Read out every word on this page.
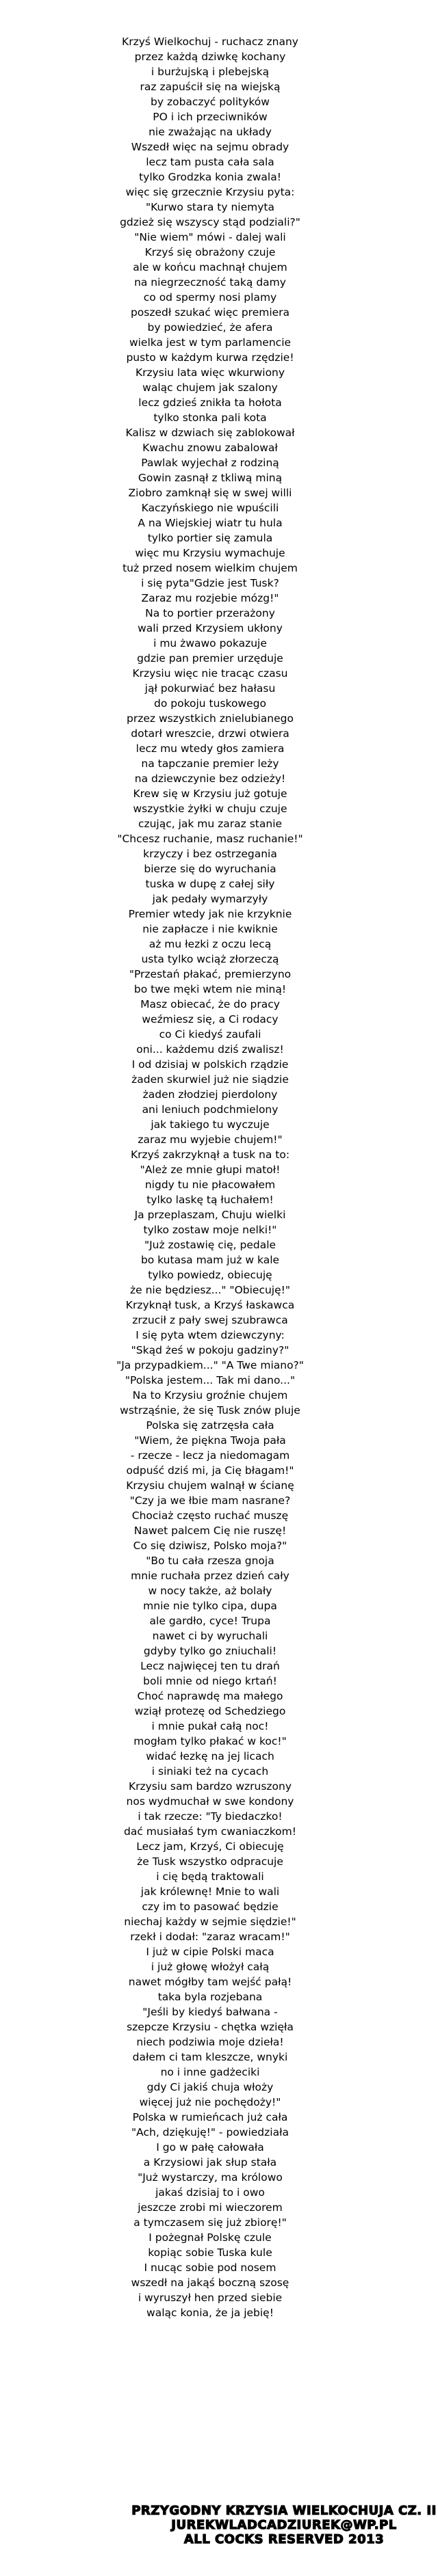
Krzyś Wielkochuj - ruchacz znany
przez każdą dziwkę kochany
i burżujską i plebejską
raz zapuścił się na wiejską
by zobaczyć polityków
PO i ich przeciwników
nie zważając na układy
Wszedł więc na sejmu obrady
lecz tam pusta cała sala
tylko Grodzka konia zwala!
więc się grzecznie Krzysiu pyta:
"Kurwo stara ty niemyta
gdzież się wszyscy stąd podziali?"
"Nie wiem" mówi - dalej wali
Krzyś się obrażony czuje
ale w końcu machnął chujem
na niegrzeczność taką damy
co od spermy nosi plamy
poszedł szukać więc premiera
by powiedzieć, że afera
wielka jest w tym parlamencie
pusto w każdym kurwa rzędzie!
Krzysiu lata więc wkurwiony
waląc chujem jak szalony
lecz gdzieś znikła ta hołota
tylko stonka pali kota
Kalisz w dzwiach się zablokował
Kwachu znowu zabalował
Pawlak wyjechał z rodziną
Gowin zasnął z tkliwą miną
Ziobro zamknął się w swej willi
Kaczyńskiego nie wpuścili
A na Wiejskiej wiatr tu hula
tylko portier się zamula
więc mu Krzysiu wymachuje
tuż przed nosem wielkim chujem
i się pyta"Gdzie jest Tusk?
Zaraz mu rozjebie mózg!"
Na to portier przerażony
wali przed Krzysiem ukłony
i mu żwawo pokazuje
gdzie pan premier urzęduje
Krzysiu więc nie tracąc czasu
jął pokurwiać bez hałasu
do pokoju tuskowego
przez wszystkich znielubianego
dotarł wreszcie, drzwi otwiera
lecz mu wtedy głos zamiera
na tapczanie premier leży
na dziewczynie bez odzieży!
Krew się w Krzysiu już gotuje
wszystkie żyłki w chuju czuje
czując, jak mu zaraz stanie
"Chcesz ruchanie, masz ruchanie!"
krzyczy i bez ostrzegania
bierze się do wyruchania
tuska w dupę z całej siły
jak pedały wymarzyły
Premier wtedy jak nie krzyknie
nie zapłacze i nie kwiknie
aż mu łezki z oczu lecą
usta tylko wciąż złorzeczą
"Przestań płakać, premierzyno
bo twe męki wtem nie miną!
Masz obiecać, że do pracy
weźmiesz się, a Ci rodacy
co Ci kiedyś zaufali
oni... każdemu dziś zwalisz!
I od dzisiaj w polskich rządzie
żaden skurwiel już nie siądzie
żaden złodziej pierdolony
ani leniuch podchmielony
jak takiego tu wyczuje
zaraz mu wyjebie chujem!"
Krzyś zakrzyknął a tusk na to:
"Ależ ze mnie głupi matoł!
nigdy tu nie płacowałem
tylko laskę tą łuchałem!
Ja przeplaszam, Chuju wielki
tylko zostaw moje nelki!"
"Już zostawię cię, pedale
bo kutasa mam już w kale
tylko powiedz, obiecuję
że nie będziesz..." "Obiecuję!"
Krzyknął tusk, a Krzyś łaskawca
zrzucił z pały swej szubrawca
I się pyta wtem dziewczyny:
"Skąd żeś w pokoju gadziny?"
"Ja przypadkiem..." "A Twe miano?"
"Polska jestem... Tak mi dano..."
Na to Krzysiu groźnie chujem
wstrząśnie, że się Tusk znów pluje
Polska się zatrzęsła cała
"Wiem, że piękna Twoja pała
- rzecze - lecz ja niedomagam
odpuść dziś mi, ja Cię błagam!"
Krzysiu chujem walnął w ścianę
"Czy ja we łbie mam nasrane?
Chociaż często ruchać muszę
Nawet palcem Cię nie ruszę!
Co się dziwisz, Polsko moja?"
"Bo tu cała rzesza gnoja
mnie ruchała przez dzień cały
w nocy także, aż bolały
mnie nie tylko cipa, dupa
ale gardło, cyce! Trupa
nawet ci by wyruchali
gdyby tylko go zniuchali!
Lecz najwięcej ten tu drań
boli mnie od niego krtań!
Choć naprawdę ma małego
wziął protezę od Schedziego
i mnie pukał całą noc!
mogłam tylko płakać w koc!"
widać łezkę na jej licach
i siniaki też na cycach
Krzysiu sam bardzo wzruszony
nos wydmuchał w swe kondony
i tak rzecze: "Ty biedaczko!
dać musiałaś tym cwaniaczkom!
Lecz jam, Krzyś, Ci obiecuję
że Tusk wszystko odpracuje
i cię będą traktowali
jak królewnę! Mnie to wali
czy im to pasować będzie
niechaj każdy w sejmie siędzie!"
rzekł i dodał: "zaraz wracam!"
I już w cipie Polski maca
i już głowę włożył całą
nawet mógłby tam wejść pałą!
taka byla rozjebana
"Jeśli by kiedyś bałwana -
szepcze Krzysiu - chętka wzięła
niech podziwia moje dzieła!
dałem ci tam kleszcze, wnyki
no i inne gadżeciki
gdy Ci jakiś chuja włoży
więcej już nie pochędoży!"
Polska w rumieńcach już cała
"Ach, dziękuję!" - powiedziała
I go w pałę całowała
a Krzysiowi jak słup stała
"Już wystarczy, ma królowo
jakaś dzisiaj to i owo
jeszcze zrobi mi wieczorem
a tymczasem się już zbiorę!"
I pożegnał Polskę czule
kopiąc sobie Tuska kule
I nucąc sobie pod nosem
wszedł na jakąś boczną szosę
i wyruszył hen przed siebie
waląc konia, że ja jebię!
PRZYGODNY KRZYSIA WIELKOCHUJA CZ. II
JUREKWLADCADZIUREK@WP.PL
ALL COCKS RESERVED 2013
